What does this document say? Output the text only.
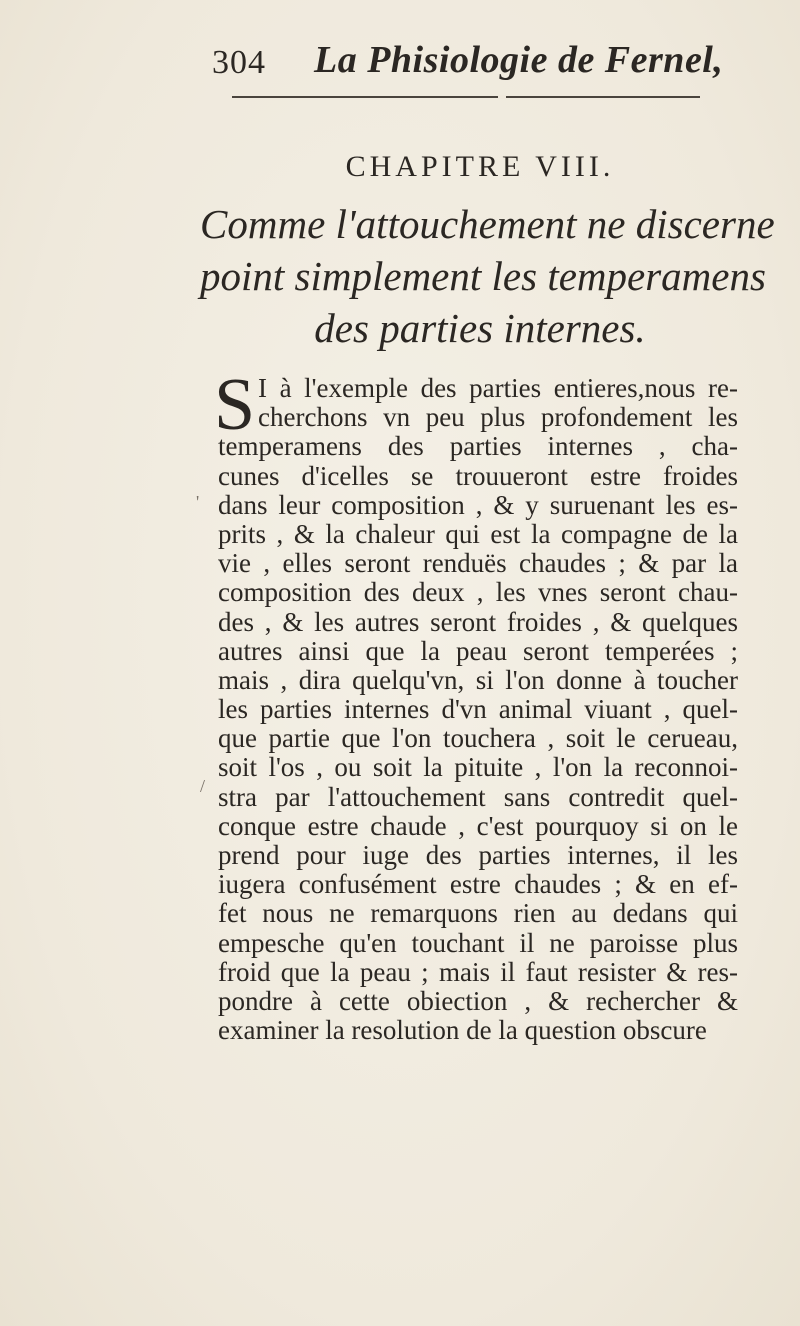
304 La Phisiologie de Fernel,
CHAPITRE VIII.
Comme l'attouchement ne discerne
point simplement les temperamens
des parties internes.
S I à l'exemple des parties entieres,nous re-
cherchons vn peu plus profondement les
temperamens des parties internes , cha-
cunes d'icelles se trouueront estre froides
dans leur composition , & y suruenant les es-
prits , & la chaleur qui est la compagne de la
vie , elles seront renduës chaudes ; & par la
composition des deux , les vnes seront chau-
des , & les autres seront froides , & quelques
autres ainsi que la peau seront temperées ;
mais , dira quelqu'vn, si l'on donne à toucher
les parties internes d'vn animal viuant , quel-
que partie que l'on touchera , soit le cerueau,
soit l'os , ou soit la pituite , l'on la reconnoi-
stra par l'attouchement sans contredit quel-
conque estre chaude , c'est pourquoy si on le
prend pour iuge des parties internes, il les
iugera confusément estre chaudes ; & en ef-
fet nous ne remarquons rien au dedans qui
empesche qu'en touchant il ne paroisse plus
froid que la peau ; mais il faut resister & res-
pondre à cette obiection , & rechercher &
examiner la resolution de la question obscure
'
/
